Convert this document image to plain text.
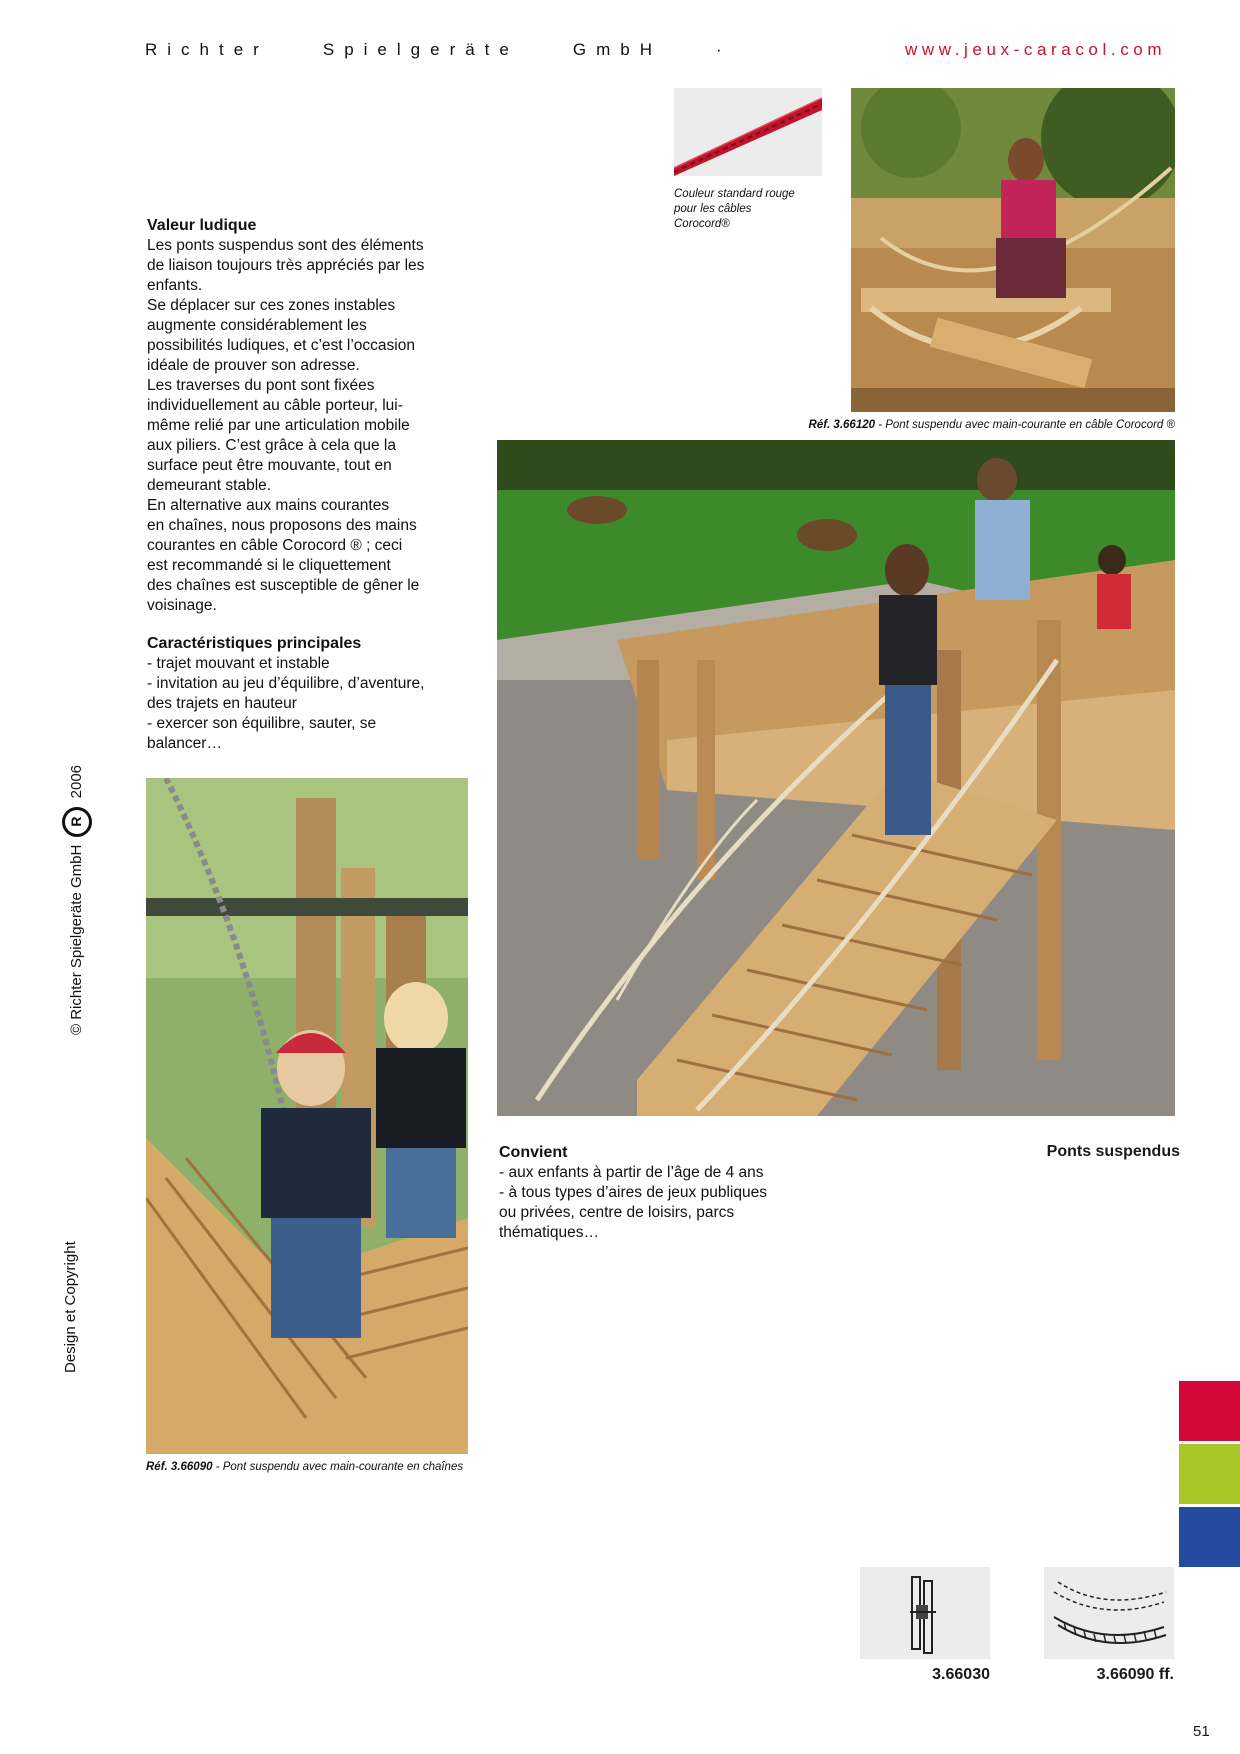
Richter	Spielgeräte	GmbH	·	www.jeux-caracol.com
Valeur ludique

Les ponts suspendus sont des éléments
de liaison toujours très appréciés par les
enfants.
Se déplacer sur ces zones instables
augmente considérablement les
possibilités ludiques, et c’est l’occasion
idéale de prouver son adresse.
Les traverses du pont sont fixées
individuellement au câble porteur, lui-
même relié par une articulation mobile
aux piliers. C’est grâce à cela que la
surface peut être mouvante, tout en
demeurant stable.
En alternative aux mains courantes
en chaînes, nous proposons des mains
courantes en câble Corocord ® ; ceci
est recommandé si le cliquettement
des chaînes est susceptible de gêner le
voisinage.

Caractéristiques principales
- trajet mouvant et instable
- invitation au jeu d’équilibre, d’aventure,
des trajets en hauteur
- exercer son équilibre, sauter, se
balancer…
Couleur standard rouge
pour les câbles
Corocord®
Réf. 3.66120 - Pont suspendu avec main-courante en câble Corocord ®
Réf. 3.66090 - Pont suspendu avec main-courante en chaînes
Convient
- aux enfants à partir de l’âge de 4 ans
- à tous types d’aires de jeux publiques
ou privées, centre de loisirs, parcs
thématiques…
Ponts suspendus
© Richter Spielgeräte GmbH R 2006
Design et Copyright
3.66030	3.66090 ff.
51
